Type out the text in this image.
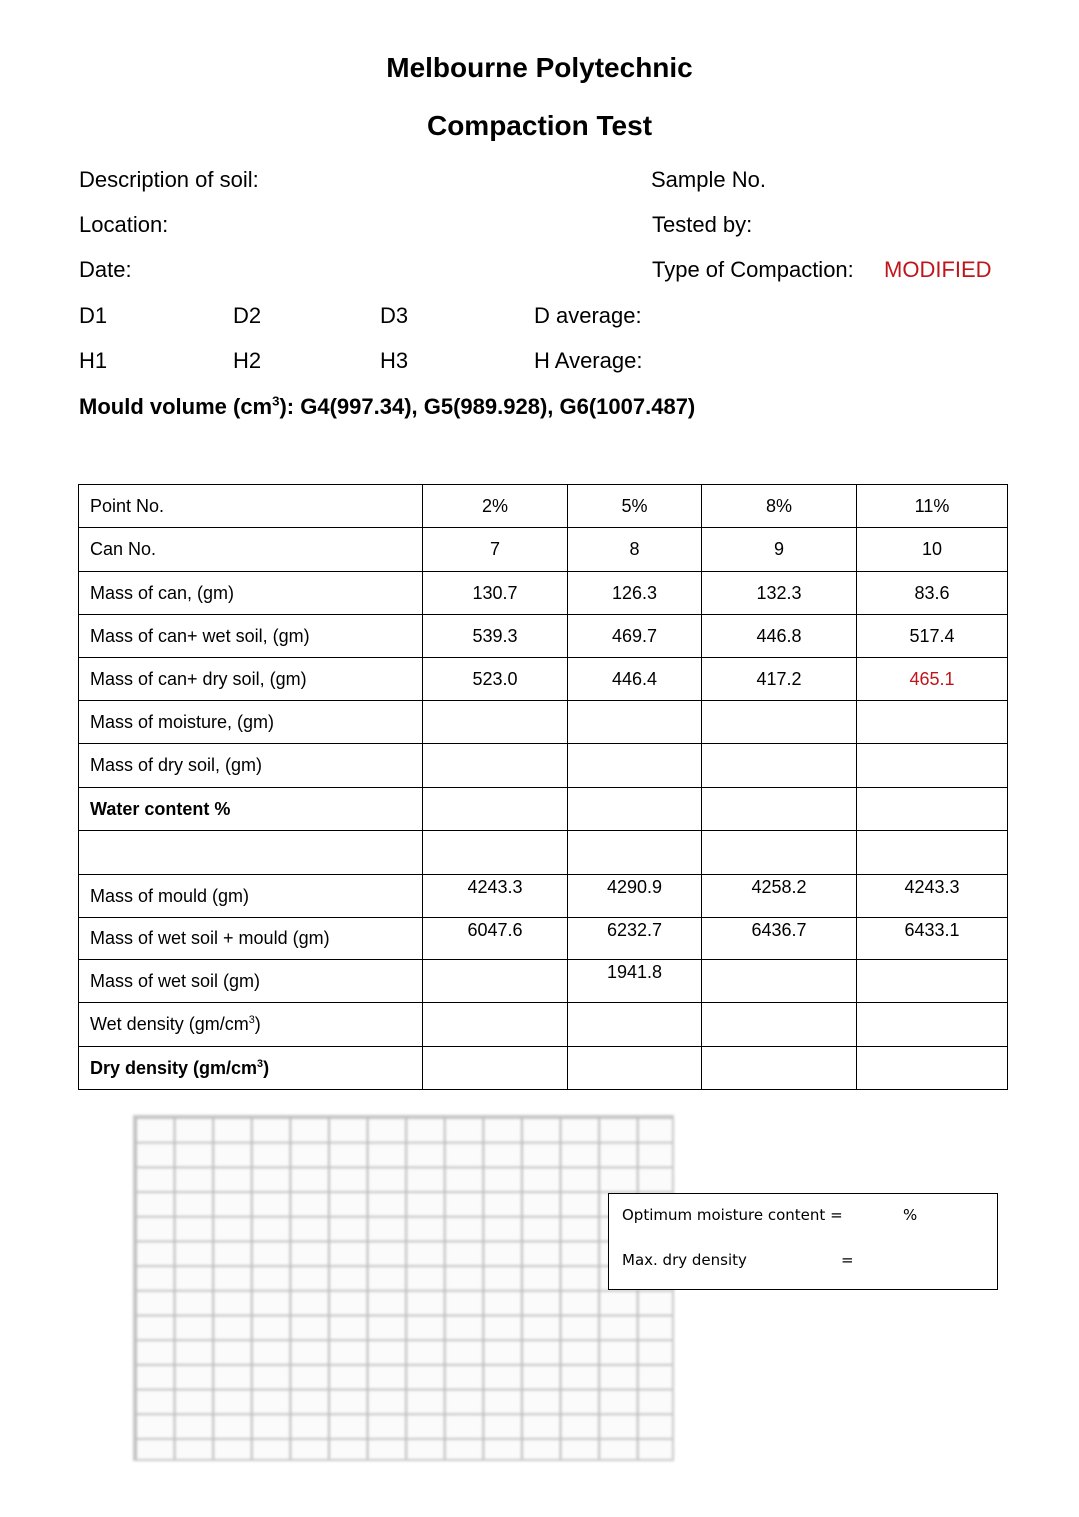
Melbourne Polytechnic
Compaction Test
Description of soil:	Sample No.
Location:	Tested by:
Date:	Type of Compaction: MODIFIED
D1	D2	D3	D average:
H1	H2	H3	H Average:
Mould volume $(cm^3)$: G4(997.34), G5(989.928), G6(1007.487)
Point No.	2%	5%	8%	11%
Can No.	7	8	9	10
Mass of can, (gm)	130.7	126.3	132.3	83.6
Mass of can+ wet soil, (gm)	539.3	469.7	446.8	517.4
Mass of can+ dry soil, (gm)	523.0	446.4	417.2	465.1
Mass of moisture, (gm)				
Mass of dry soil, (gm)				
Water content %				

Mass of mould (gm)	4243.3	4290.9	4258.2	4243.3
Mass of wet soil + mould (gm)	6047.6	6232.7	6436.7	6433.1
Mass of wet soil (gm)		1941.8		
Wet density $(gm/cm^3)$				
Dry density $(gm/cm^3)$				
Optimum moisture content =	%
Max. dry density	=
